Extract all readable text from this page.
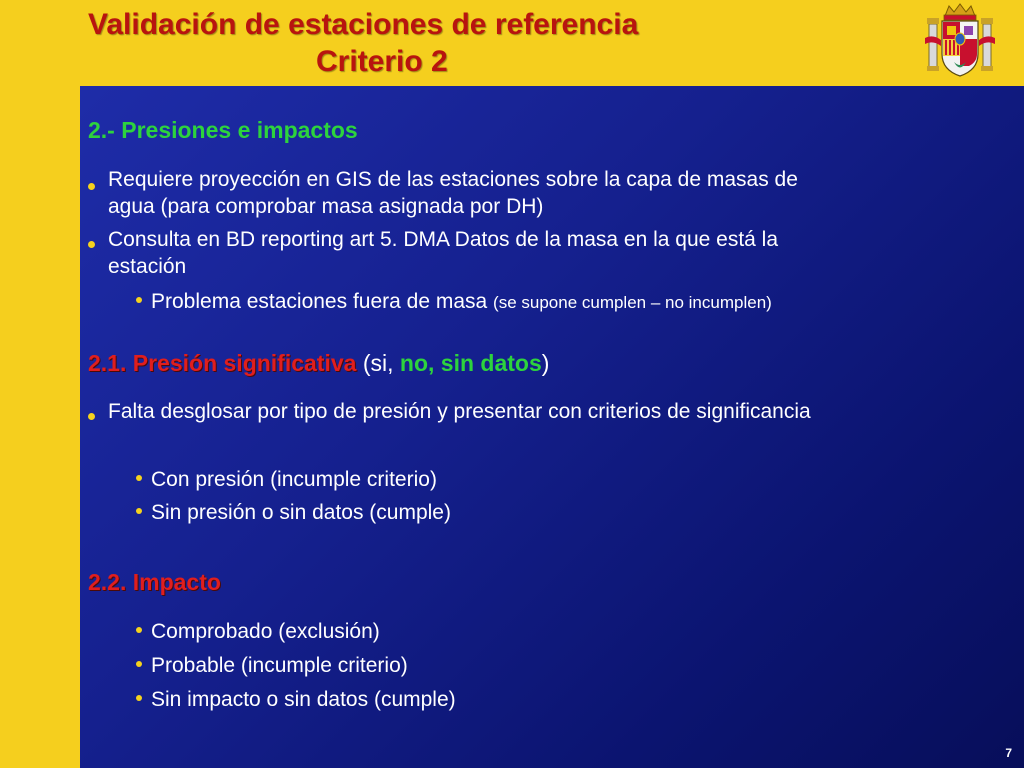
Validación de estaciones de referencia
Criterio 2
2.- Presiones e impactos
Requiere proyección en GIS de las estaciones sobre la capa de masas de
agua (para comprobar masa asignada por DH)
Consulta en BD reporting art 5. DMA Datos de la masa en la que está la
estación
Problema estaciones fuera de masa (se supone cumplen – no incumplen)
2.1. Presión significativa (si, no, sin datos)
Falta desglosar por tipo de presión y presentar con criterios de significancia
Con presión (incumple criterio)
Sin presión o sin datos (cumple)
2.2. Impacto
Comprobado (exclusión)
Probable (incumple criterio)
Sin impacto o sin datos (cumple)
7
